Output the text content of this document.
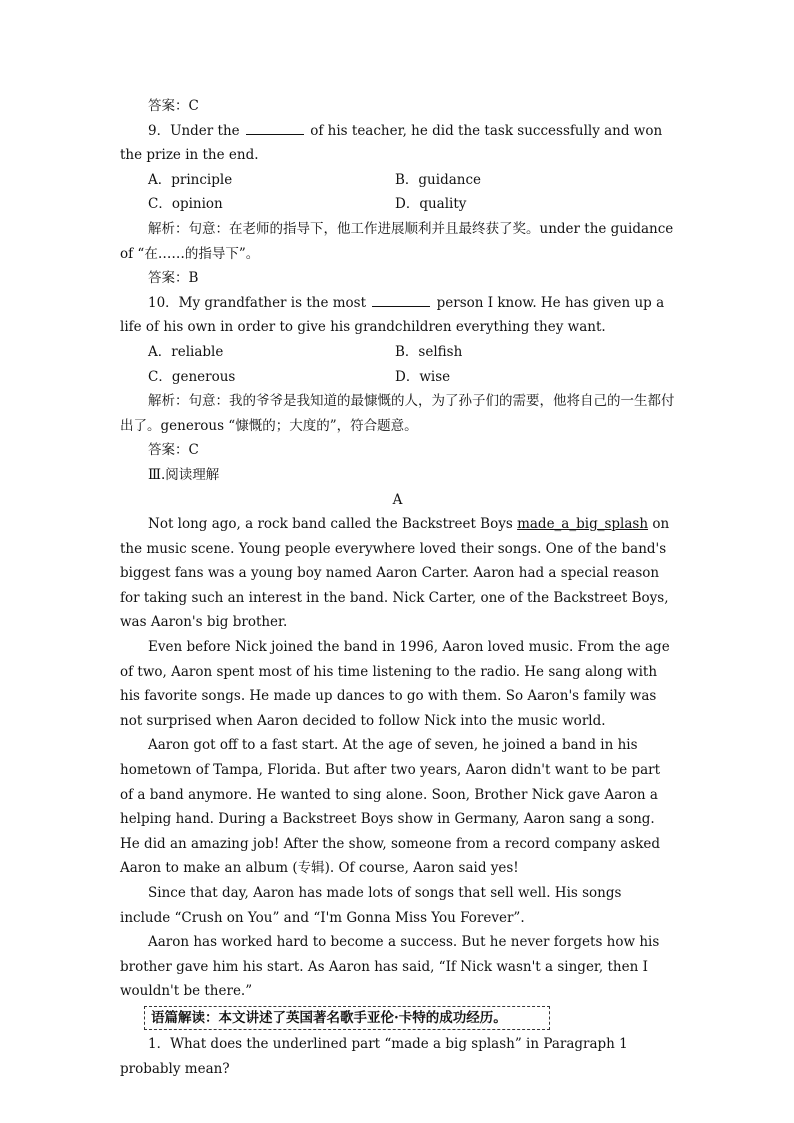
答案：C

9．Under the	of his teacher, he did the task successfully and won the prize in the end.

A．principle	B．guidance
C．opinion	D．quality

解析：句意：在老师的指导下，他工作进展顺利并且最终获了奖。under the guidance of “在……的指导下”。

答案：B

10．My grandfather is the most	person I know. He has given up a life of his own in order to give his grandchildren everything they want.

A．reliable	B．selfish
C．generous	D．wise

解析：句意：我的爷爷是我知道的最慷慨的人，为了孙子们的需要，他将自己的一生都付出了。generous “慷慨的；大度的”，符合题意。

答案：C

Ⅲ.阅读理解

A

Not long ago, a rock band called the Backstreet Boys made_a_big_splash on the music scene. Young people everywhere loved their songs. One of the band's biggest fans was a young boy named Aaron Carter. Aaron had a special reason for taking such an interest in the band. Nick Carter, one of the Backstreet Boys, was Aaron's big brother.

Even before Nick joined the band in 1996, Aaron loved music. From the age of two, Aaron spent most of his time listening to the radio. He sang along with his favorite songs. He made up dances to go with them. So Aaron's family was not surprised when Aaron decided to follow Nick into the music world.

Aaron got off to a fast start. At the age of seven, he joined a band in his hometown of Tampa, Florida. But after two years, Aaron didn't want to be part of a band anymore. He wanted to sing alone. Soon, Brother Nick gave Aaron a helping hand. During a Backstreet Boys show in Germany, Aaron sang a song. He did an amazing job! After the show, someone from a record company asked Aaron to make an album (专辑). Of course, Aaron said yes!

Since that day, Aaron has made lots of songs that sell well. His songs include “Crush on You” and “I'm Gonna Miss You Forever”.

Aaron has worked hard to become a success. But he never forgets how his brother gave him his start. As Aaron has said, “If Nick wasn't a singer, then I wouldn't be there.”

语篇解读：本文讲述了英国著名歌手亚伦·卡特的成功经历。

1．What does the underlined part “made a big splash” in Paragraph 1 probably mean?
